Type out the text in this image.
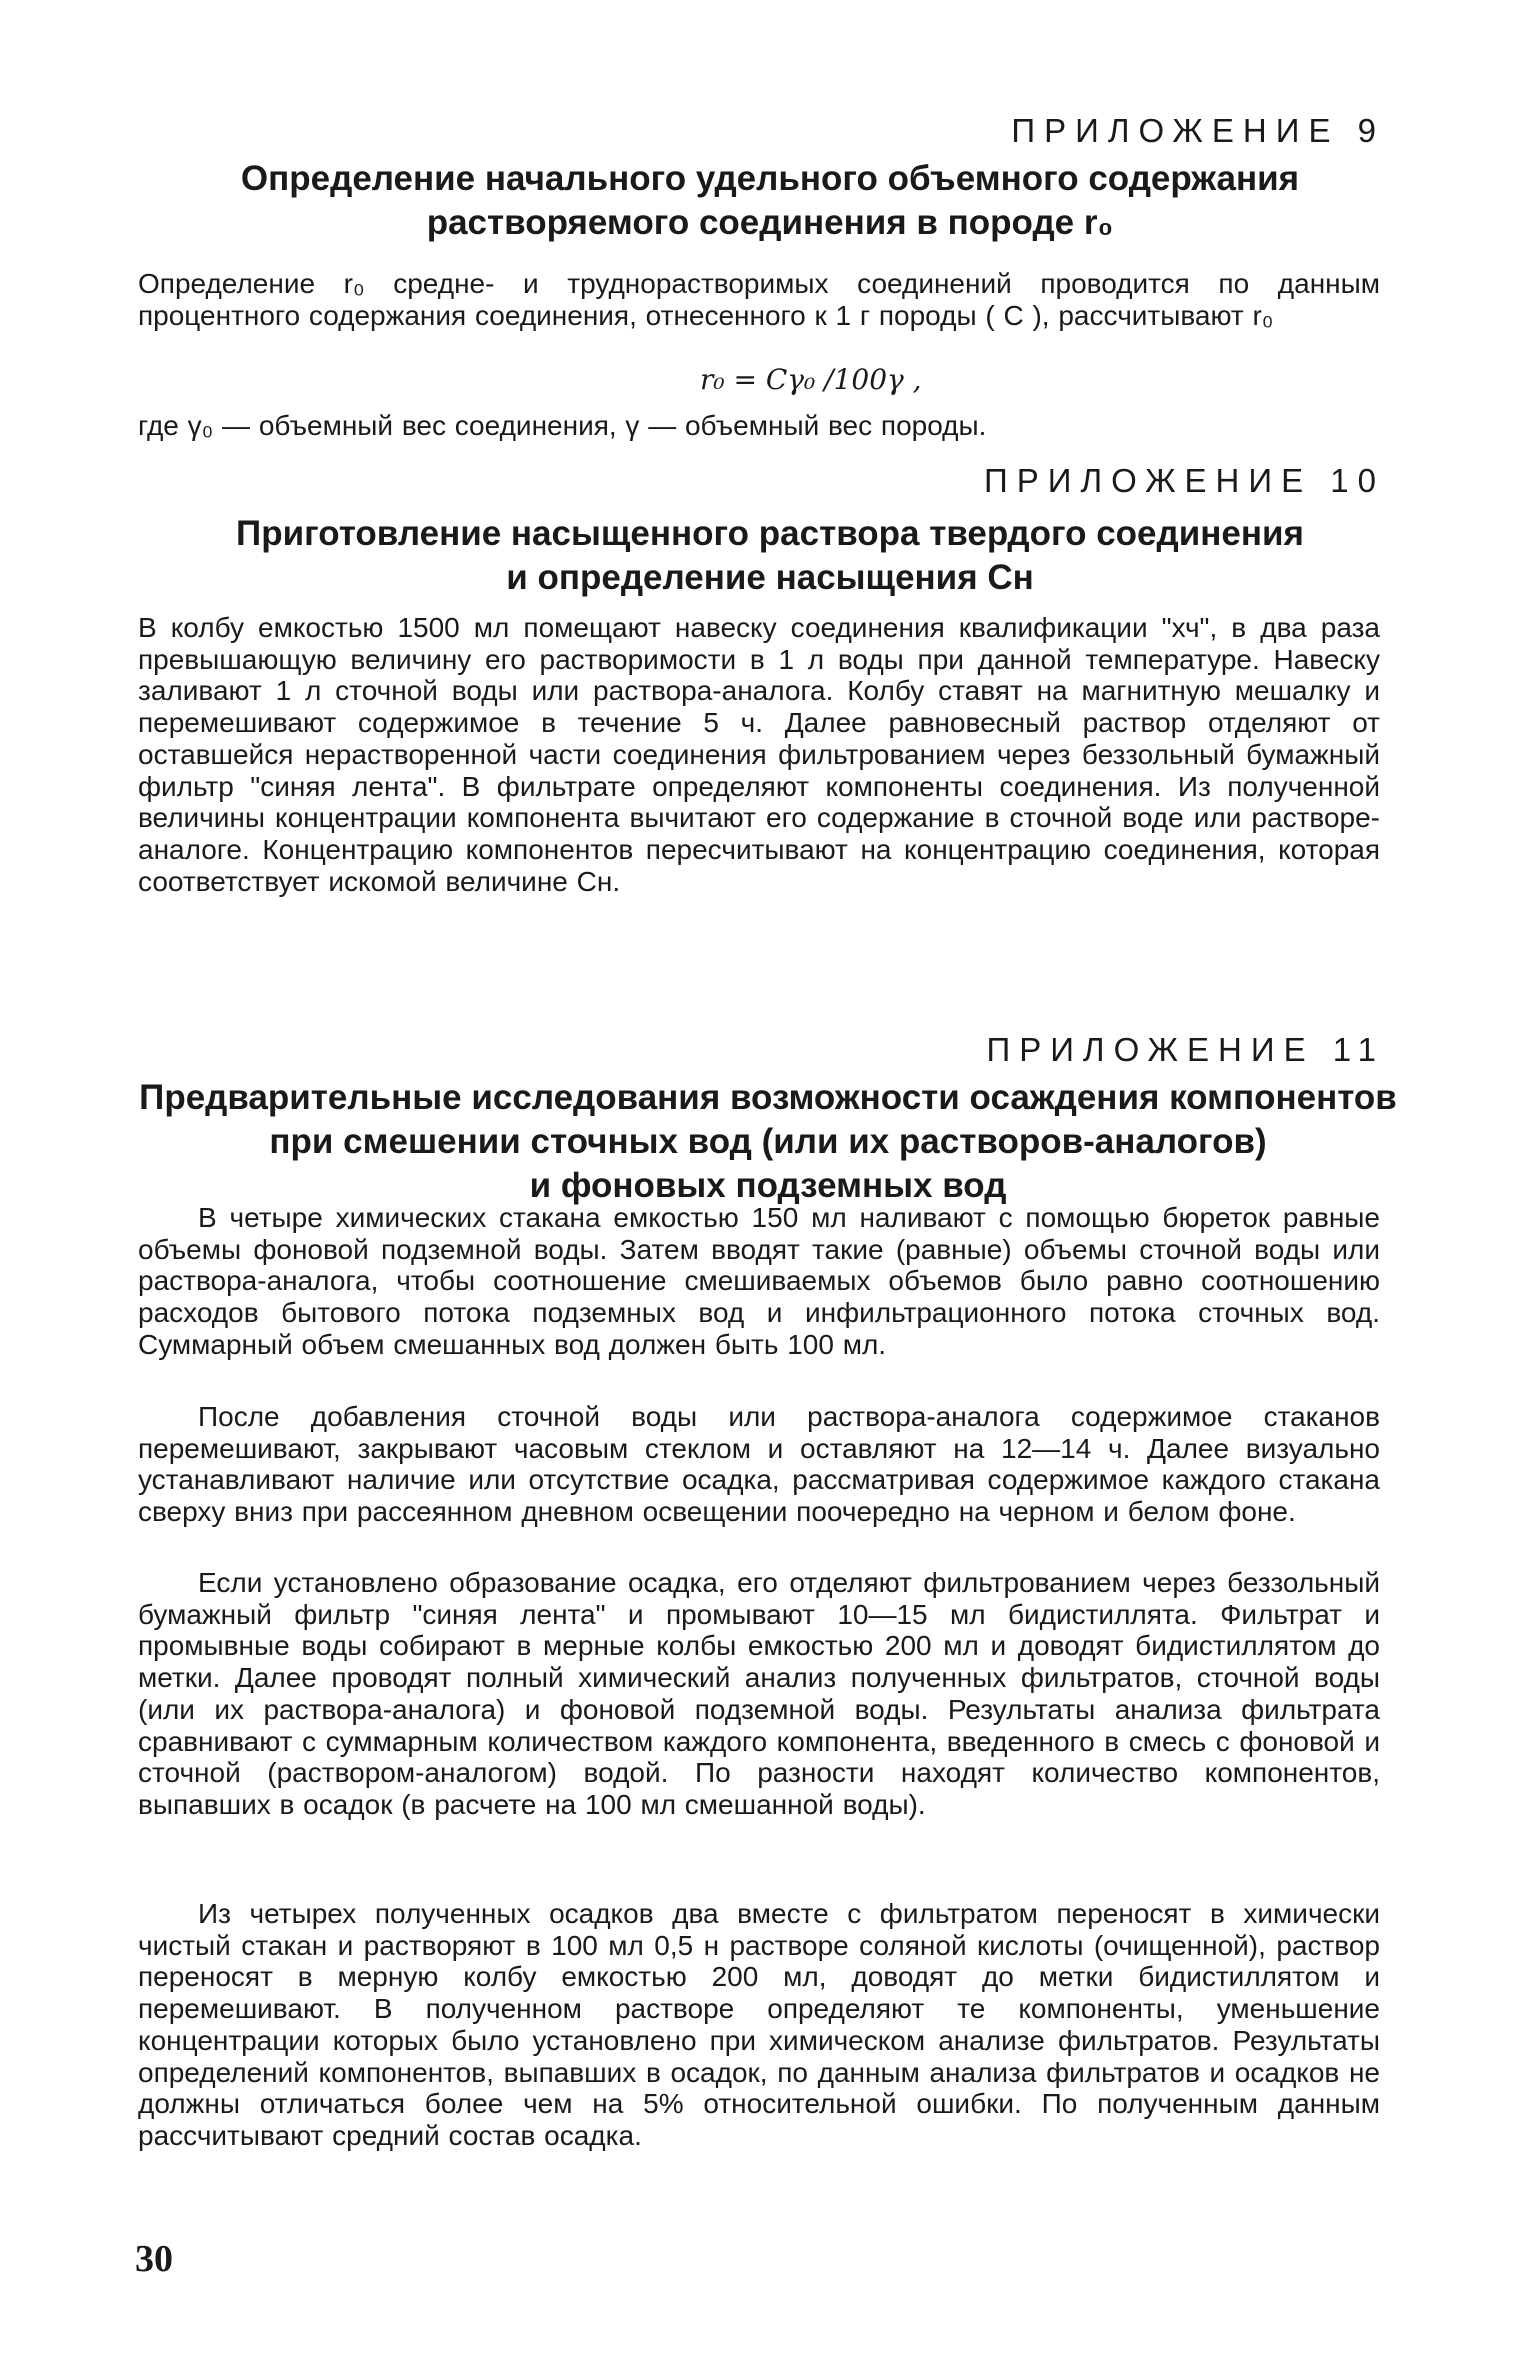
ПРИЛОЖЕНИЕ 9
Определение начального удельного объемного содержания
растворяемого соединения в породе r₀
Определение r₀ средне- и труднорастворимых соединений проводится по данным процентного содержания соединения, отнесенного к 1 г породы ( C ), рассчитывают r₀
r₀ = Cγ₀ /100γ ,
где γ₀ — объемный вес соединения, γ — объемный вес породы.
ПРИЛОЖЕНИЕ 10
Приготовление насыщенного раствора твердого соединения
и определение насыщения Cн
В колбу емкостью 1500 мл помещают навеску соединения квалификации "хч", в два раза превышающую величину его растворимости в 1 л воды при данной температуре. Навеску заливают 1 л сточной воды или раствора-аналога. Колбу ставят на магнитную мешалку и перемешивают содержимое в течение 5 ч. Далее равновесный раствор отделяют от оставшейся нерастворенной части соединения фильтрованием через беззольный бумажный фильтр "синяя лента". В фильтрате определяют компоненты соединения. Из полученной величины концентрации компонента вычитают его содержание в сточной воде или растворе-аналоге. Концентрацию компонентов пересчитывают на концентрацию соединения, которая соответствует искомой величине Cн.
ПРИЛОЖЕНИЕ 11
Предварительные исследования возможности осаждения компонентов
при смешении сточных вод (или их растворов-аналогов)
и фоновых подземных вод
В четыре химических стакана емкостью 150 мл наливают с помощью бюреток равные объемы фоновой подземной воды. Затем вводят такие (равные) объемы сточной воды или раствора-аналога, чтобы соотношение смешиваемых объемов было равно соотношению расходов бытового потока подземных вод и инфильтрационного потока сточных вод. Суммарный объем смешанных вод должен быть 100 мл.
После добавления сточной воды или раствора-аналога содержимое стаканов перемешивают, закрывают часовым стеклом и оставляют на 12—14 ч. Далее визуально устанавливают наличие или отсутствие осадка, рассматривая содержимое каждого стакана сверху вниз при рассеянном дневном освещении поочередно на черном и белом фоне.
Если установлено образование осадка, его отделяют фильтрованием через беззольный бумажный фильтр "синяя лента" и промывают 10—15 мл бидистиллята. Фильтрат и промывные воды собирают в мерные колбы емкостью 200 мл и доводят бидистиллятом до метки. Далее проводят полный химический анализ полученных фильтратов, сточной воды (или их раствора-аналога) и фоновой подземной воды. Результаты анализа фильтрата сравнивают с суммарным количеством каждого компонента, введенного в смесь с фоновой и сточной (раствором-аналогом) водой. По разности находят количество компонентов, выпавших в осадок (в расчете на 100 мл смешанной воды).
Из четырех полученных осадков два вместе с фильтратом переносят в химически чистый стакан и растворяют в 100 мл 0,5 н растворе соляной кислоты (очищенной), раствор переносят в мерную колбу емкостью 200 мл, доводят до метки бидистиллятом и перемешивают. В полученном растворе определяют те компоненты, уменьшение концентрации которых было установлено при химическом анализе фильтратов. Результаты определений компонентов, выпавших в осадок, по данным анализа фильтратов и осадков не должны отличаться более чем на 5% относительной ошибки. По полученным данным рассчитывают средний состав осадка.
30
